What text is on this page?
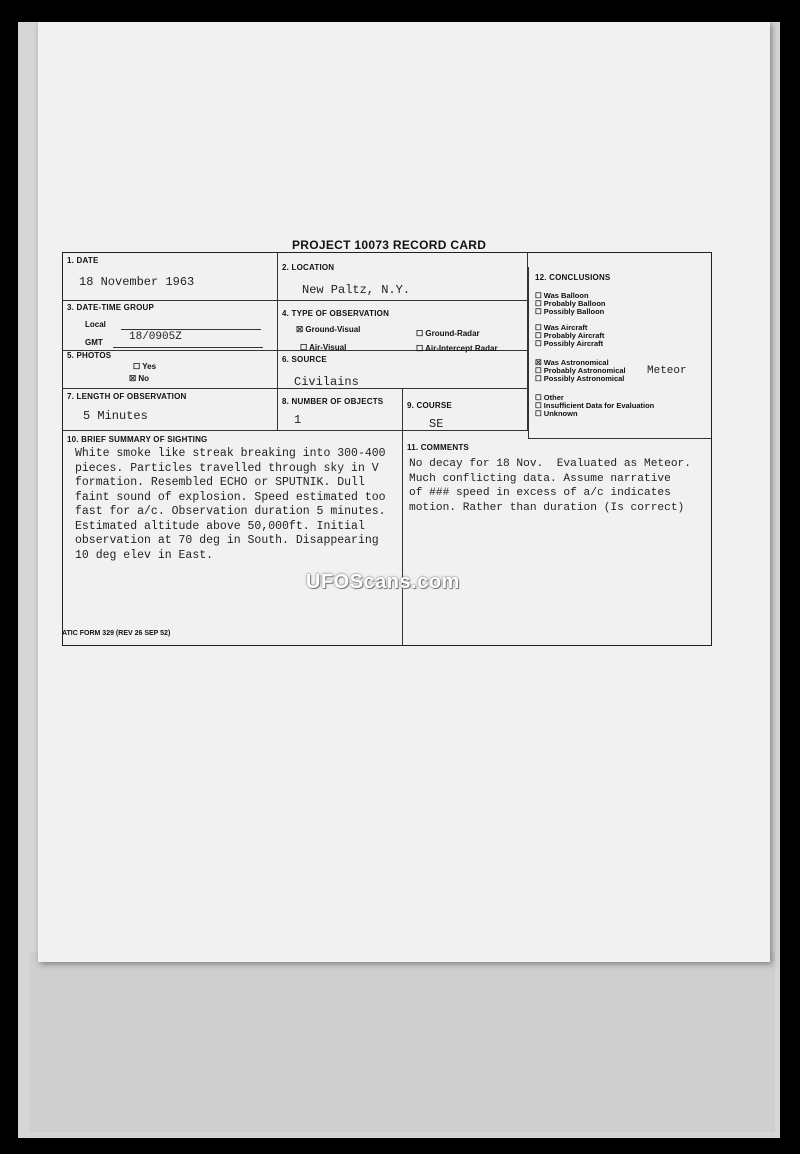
PROJECT 10073 RECORD CARD
1. DATE
18 November 1963
2. LOCATION
New Paltz, N.Y.
3. DATE-TIME GROUP
Local
GMT 18/0905Z
4. TYPE OF OBSERVATION
☒ Ground-Visual	☐ Ground-Radar
☐ Air-Visual	☐ Air-Intercept Radar
5. PHOTOS
☐ Yes
☒ No
6. SOURCE
Civilains
7. LENGTH OF OBSERVATION
5 Minutes
8. NUMBER OF OBJECTS
1
9. COURSE
SE
12. CONCLUSIONS
☐ Was Balloon
☐ Probably Balloon
☐ Possibly Balloon
☐ Was Aircraft
☐ Probably Aircraft
☐ Possibly Aircraft
☒ Was Astronomical
☐ Probably Astronomical
☐ Possibly Astronomical
☐ Other
☐ Insufficient Data for Evaluation
☐ Unknown
Meteor
10. BRIEF SUMMARY OF SIGHTING
White smoke like streak breaking into 300-400
pieces. Particles travelled through sky in V
formation. Resembled ECHO or SPUTNIK. Dull
faint sound of explosion. Speed estimated too
fast for a/c. Observation duration 5 minutes.
Estimated altitude above 50,000ft. Initial
observation at 70 deg in South. Disappearing
10 deg elev in East.
11. COMMENTS
No decay for 18 Nov.  Evaluated as Meteor.
Much conflicting data. Assume narrative
of ### speed in excess of a/c indicates
motion. Rather than duration (Is correct)
ATIC FORM 329 (REV 26 SEP 52)
UFOScans.com
